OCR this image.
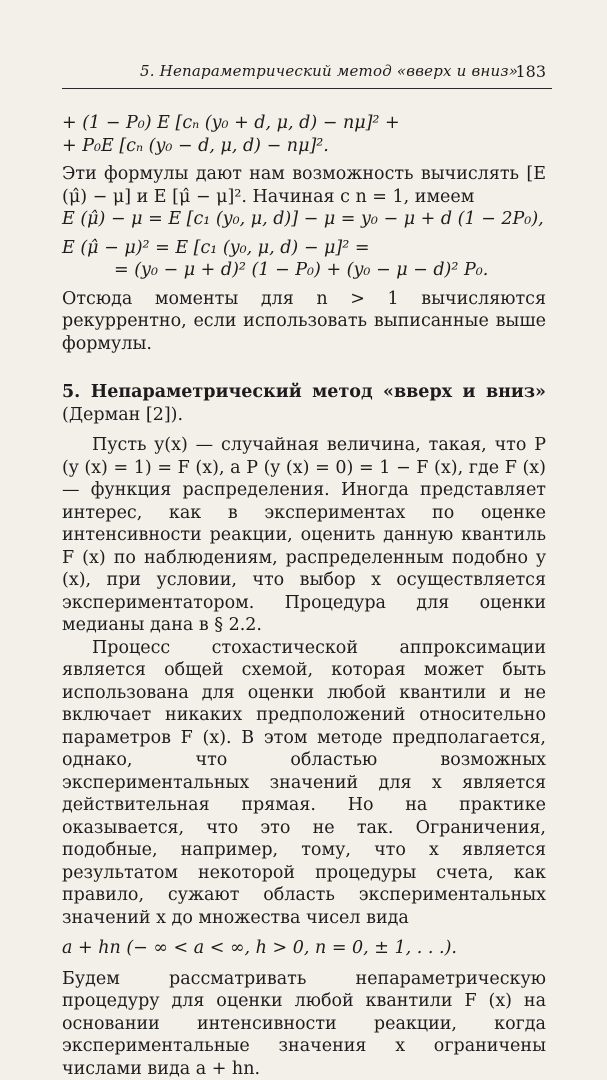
5. Непараметрический метод «вверх и вниз»
183

+ (1 − P₀) E [cₙ (y₀ + d, μ, d) − nμ]² +

+ P₀E [cₙ (y₀ − d, μ, d) − nμ]².

Эти формулы дают нам возможность вычислять [E (μ̂) − μ] и E [μ̂ − μ]². Начиная с n = 1, имеем

E (μ̂) − μ = E [c₁ (y₀, μ, d)] − μ = y₀ − μ + d (1 − 2P₀),

E (μ̂ − μ)² = E [c₁ (y₀, μ, d) − μ]² =

= (y₀ − μ + d)² (1 − P₀) + (y₀ − μ − d)² P₀.

Отсюда моменты для n > 1 вычисляются рекуррентно, если использовать выписанные выше формулы.

5. Непараметрический метод «вверх и вниз» (Дерман [2]).

Пусть y(x) — случайная величина, такая, что P (y (x) = 1) = F (x), а P (y (x) = 0) = 1 − F (x), где F (x) — функция распределения. Иногда представляет интерес, как в экспериментах по оценке интенсивности реакции, оценить данную квантиль F (x) по наблюдениям, распределенным подобно y (x), при условии, что выбор x осуществляется экспериментатором. Процедура для оценки медианы дана в § 2.2.

Процесс стохастической аппроксимации является общей схемой, которая может быть использована для оценки любой квантили и не включает никаких предположений относительно параметров F (x). В этом методе предполагается, однако, что областью возможных экспериментальных значений для x является действительная прямая. Но на практике оказывается, что это не так. Ограничения, подобные, например, тому, что x является результатом некоторой процедуры счета, как правило, сужают область экспериментальных значений x до множества чисел вида

a + hn (− ∞ < a < ∞, h > 0, n = 0, ± 1, . . .).

Будем рассматривать непараметрическую процедуру для оценки любой квантили F (x) на основании интенсивности реакции, когда экспериментальные значения x ограничены числами вида a + hn.
